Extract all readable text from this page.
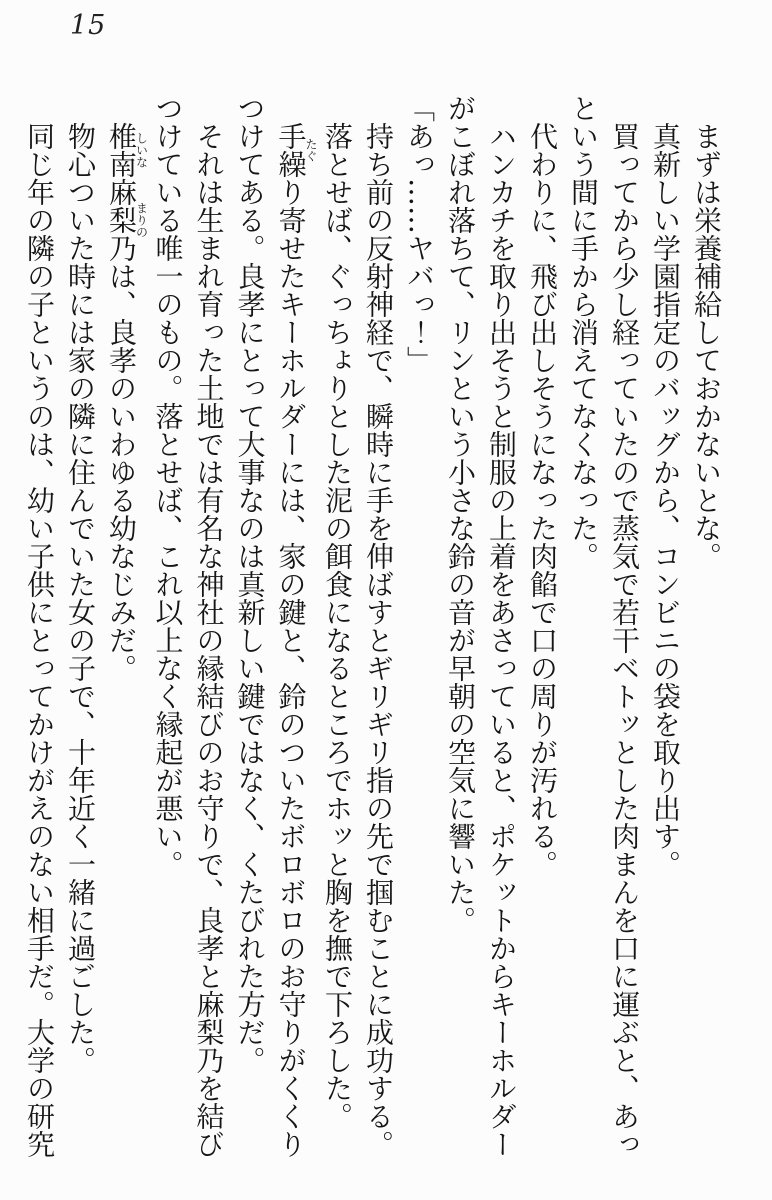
15
まずは栄養補給しておかないとな。
真新しい学園指定のバッグから、コンビニの袋を取り出す。
買ってから少し経っていたので蒸気で若干ベトッとした肉まんを口に運ぶと、あっ
という間に手から消えてなくなった。
代わりに、飛び出しそうになった肉餡で口の周りが汚れる。
ハンカチを取り出そうと制服の上着をあさっていると、ポケットからキーホルダー
がこぼれ落ちて、リンという小さな鈴の音が早朝の空気に響いた。
「あっ……ヤバっ！」
持ち前の反射神経で、瞬時に手を伸ばすとギリギリ指の先で掴むことに成功する。
落とせば、ぐっちょりとした泥の餌食になるところでホッと胸を撫で下ろした。
手繰たぐり寄せたキーホルダーには、家の鍵と、鈴のついたボロボロのお守りがくくり
つけてある。良孝にとって大事なのは真新しい鍵ではなく、くたびれた方だ。
それは生まれ育った土地では有名な神社の縁結びのお守りで、良孝と麻梨乃を結び
つけている唯一のもの。落とせば、これ以上なく縁起が悪い。
椎南しいな麻梨乃まりのは、良孝のいわゆる幼なじみだ。
物心ついた時には家の隣に住んでいた女の子で、十年近く一緒に過ごした。
同じ年の隣の子というのは、幼い子供にとってかけがえのない相手だ。大学の研究
